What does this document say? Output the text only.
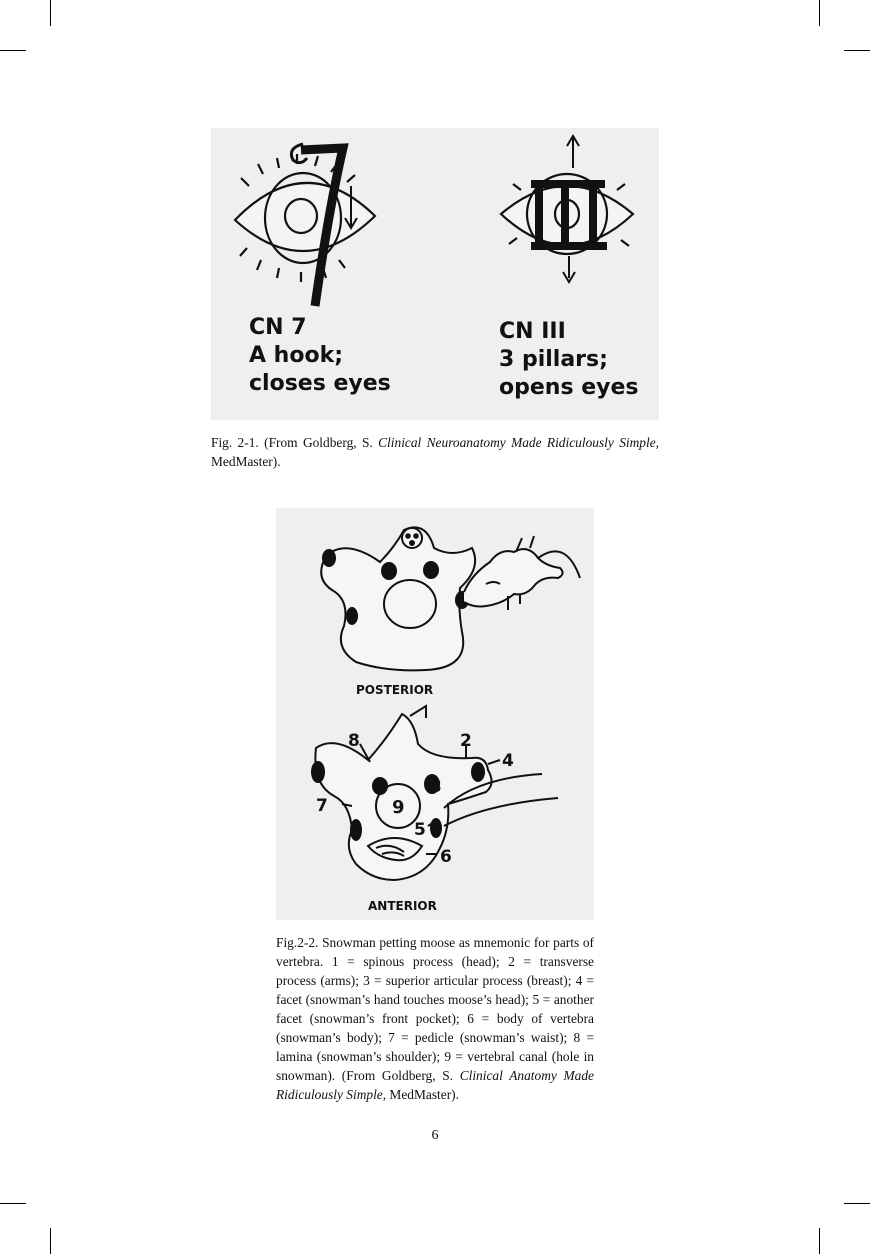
CN 7
A hook;
closes eyes
CN III
3 pillars;
opens eyes

Fig. 2-1. (From Goldberg, S. Clinical Neuroanatomy Made Ridiculously Simple, MedMaster).

POSTERIOR
8	2
4
3
7	9
5
6
ANTERIOR

Fig.2-2. Snowman petting moose as mnemonic for parts of vertebra. 1 = spinous process (head); 2 = transverse process (arms); 3 = superior articular process (breast); 4 = facet (snowman’s hand touches moose’s head); 5 = another facet (snowman’s front pocket); 6 = body of vertebra (snowman’s body); 7 = pedicle (snowman’s waist); 8 = lamina (snowman’s shoulder); 9 = vertebral canal (hole in snowman). (From Goldberg, S. Clinical Anatomy Made Ridiculously Simple, MedMaster).

6
